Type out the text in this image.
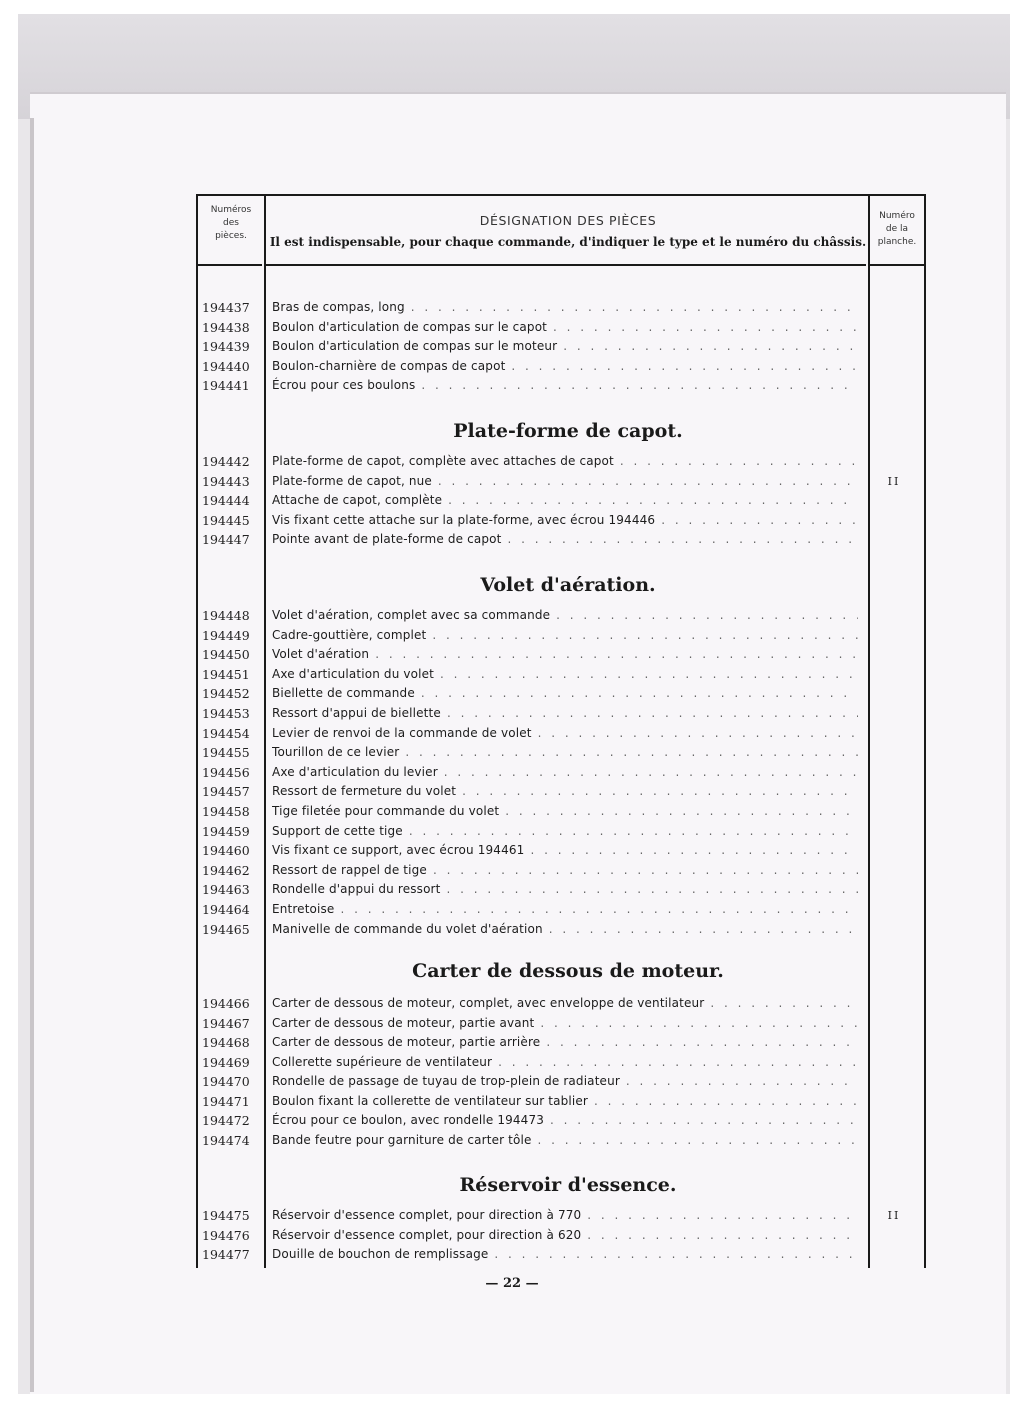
Numéros
des
pièces.
DÉSIGNATION DES PIÈCES
Il est indispensable, pour chaque commande, d'indiquer le type et le numéro du châssis.
Numéro
de la
planche.
194437	Bras de compas, long
. . .
194438	Boulon d'articulation de compas sur le capot
. . .
194439	Boulon d'articulation de compas sur le moteur
. . .
194440	Boulon-charnière de compas de capot
. . .
194441	Écrou pour ces boulons
. . .
Plate-forme de capot.
194442	Plate-forme de capot, complète avec attaches de capot
. . .
194443	Plate-forme de capot, nue . . .	II
194444	Attache de capot, complète
. . .
194445	Vis fixant cette attache sur la plate-forme, avec écrou 194446
. . .
194447	Pointe avant de plate-forme de capot
. . .
Volet d'aération.
194448	Volet d'aération, complet avec sa commande
. . .
194449	Cadre-gouttière, complet
. . .
194450	Volet d'aération
. . .
194451	Axe d'articulation du volet
. . .
194452	Biellette de commande
. . .
194453	Ressort d'appui de biellette
. . .
194454	Levier de renvoi de la commande de volet
. . .
194455	Tourillon de ce levier
. . .
194456	Axe d'articulation du levier
. . .
194457	Ressort de fermeture du volet
. . .
194458	Tige filetée pour commande du volet
. . .
194459	Support de cette tige
. . .
194460	Vis fixant ce support, avec écrou 194461
. . .
194462	Ressort de rappel de tige
. . .
194463	Rondelle d'appui du ressort
. . .
194464	Entretoise
. . .
194465	Manivelle de commande du volet d'aération
. . .
Carter de dessous de moteur.
194466	Carter de dessous de moteur, complet, avec enveloppe de ventilateur
. . .
194467	Carter de dessous de moteur, partie avant
. . .
194468	Carter de dessous de moteur, partie arrière
. . .
194469	Collerette supérieure de ventilateur
. . .
194470	Rondelle de passage de tuyau de trop-plein de radiateur
. . .
194471	Boulon fixant la collerette de ventilateur sur tablier
. . .
194472	Écrou pour ce boulon, avec rondelle 194473
. . .
194474	Bande feutre pour garniture de carter tôle
. . .
Réservoir d'essence.
194475	Réservoir d'essence complet, pour direction à 770 . . .	II
194476	Réservoir d'essence complet, pour direction à 620
. . .
194477	Douille de bouchon de remplissage
. . .
— 22 —
